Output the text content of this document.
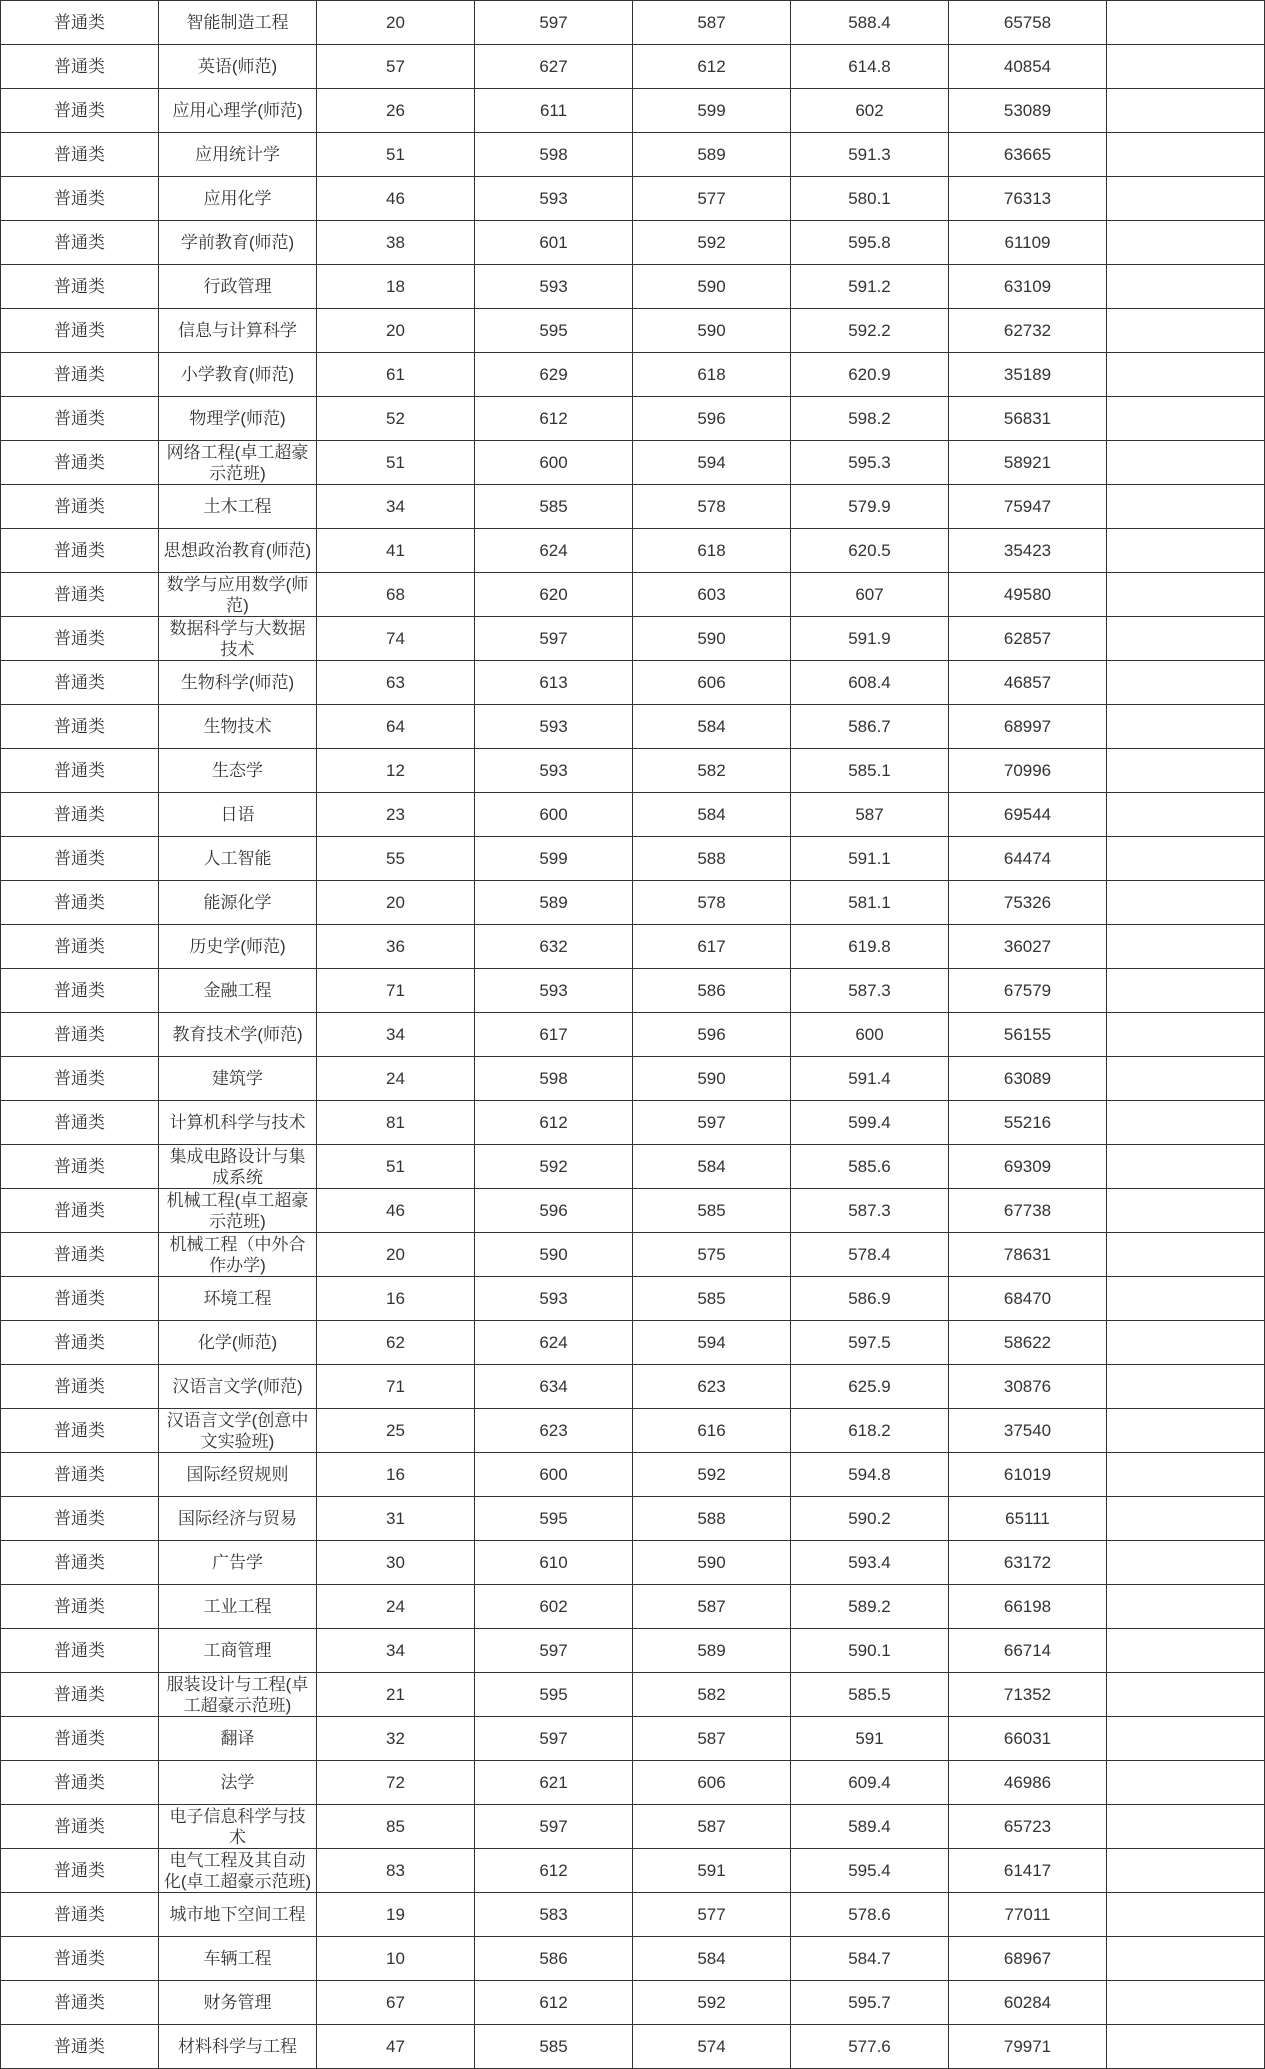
普通类	智能制造工程	20	597	587	588.4	65758	
普通类	英语(师范)	57	627	612	614.8	40854	
普通类	应用心理学(师范)	26	611	599	602	53089	
普通类	应用统计学	51	598	589	591.3	63665	
普通类	应用化学	46	593	577	580.1	76313	
普通类	学前教育(师范)	38	601	592	595.8	61109	
普通类	行政管理	18	593	590	591.2	63109	
普通类	信息与计算科学	20	595	590	592.2	62732	
普通类	小学教育(师范)	61	629	618	620.9	35189	
普通类	物理学(师范)	52	612	596	598.2	56831	
普通类	网络工程(卓工超豪示范班)	51	600	594	595.3	58921	
普通类	土木工程	34	585	578	579.9	75947	
普通类	思想政治教育(师范)	41	624	618	620.5	35423	
普通类	数学与应用数学(师范)	68	620	603	607	49580	
普通类	数据科学与大数据技术	74	597	590	591.9	62857	
普通类	生物科学(师范)	63	613	606	608.4	46857	
普通类	生物技术	64	593	584	586.7	68997	
普通类	生态学	12	593	582	585.1	70996	
普通类	日语	23	600	584	587	69544	
普通类	人工智能	55	599	588	591.1	64474	
普通类	能源化学	20	589	578	581.1	75326	
普通类	历史学(师范)	36	632	617	619.8	36027	
普通类	金融工程	71	593	586	587.3	67579	
普通类	教育技术学(师范)	34	617	596	600	56155	
普通类	建筑学	24	598	590	591.4	63089	
普通类	计算机科学与技术	81	612	597	599.4	55216	
普通类	集成电路设计与集成系统	51	592	584	585.6	69309	
普通类	机械工程(卓工超豪示范班)	46	596	585	587.3	67738	
普通类	机械工程（中外合作办学)	20	590	575	578.4	78631	
普通类	环境工程	16	593	585	586.9	68470	
普通类	化学(师范)	62	624	594	597.5	58622	
普通类	汉语言文学(师范)	71	634	623	625.9	30876	
普通类	汉语言文学(创意中文实验班)	25	623	616	618.2	37540	
普通类	国际经贸规则	16	600	592	594.8	61019	
普通类	国际经济与贸易	31	595	588	590.2	65111	
普通类	广告学	30	610	590	593.4	63172	
普通类	工业工程	24	602	587	589.2	66198	
普通类	工商管理	34	597	589	590.1	66714	
普通类	服装设计与工程(卓工超豪示范班)	21	595	582	585.5	71352	
普通类	翻译	32	597	587	591	66031	
普通类	法学	72	621	606	609.4	46986	
普通类	电子信息科学与技术	85	597	587	589.4	65723	
普通类	电气工程及其自动化(卓工超豪示范班)	83	612	591	595.4	61417	
普通类	城市地下空间工程	19	583	577	578.6	77011	
普通类	车辆工程	10	586	584	584.7	68967	
普通类	财务管理	67	612	592	595.7	60284	
普通类	材料科学与工程	47	585	574	577.6	79971	
